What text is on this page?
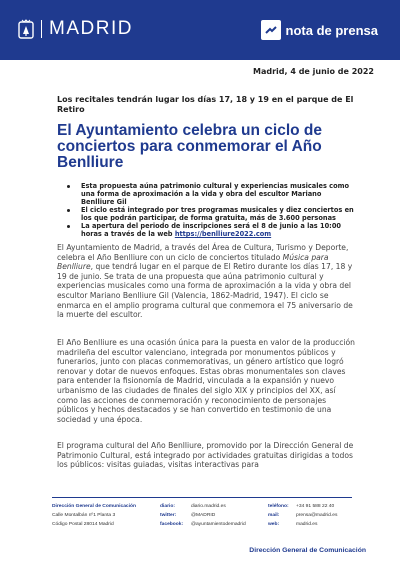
MADRID	nota de prensa
Madrid, 4 de junio de 2022
Los recitales tendrán lugar los días 17, 18 y 19 en el parque de El Retiro
El Ayuntamiento celebra un ciclo de conciertos para conmemorar el Año Benlliure
Esta propuesta aúna patrimonio cultural y experiencias musicales como una forma de aproximación a la vida y obra del escultor Mariano Benlliure Gil
El ciclo está integrado por tres programas musicales y diez conciertos en los que podrán participar, de forma gratuita, más de 3.600 personas
La apertura del periodo de inscripciones será el 8 de junio a las 10:00 horas a través de la web https://benlliure2022.com
El Ayuntamiento de Madrid, a través del Área de Cultura, Turismo y Deporte, celebra el Año Benlliure con un ciclo de conciertos titulado Música para Benlliure, que tendrá lugar en el parque de El Retiro durante los días 17, 18 y 19 de junio. Se trata de una propuesta que aúna patrimonio cultural y experiencias musicales como una forma de aproximación a la vida y obra del escultor Mariano Benlliure Gil (Valencia, 1862-Madrid, 1947). El ciclo se enmarca en el amplio programa cultural que conmemora el 75 aniversario de la muerte del escultor.
El Año Benlliure es una ocasión única para la puesta en valor de la producción madrileña del escultor valenciano, integrada por monumentos públicos y funerarios, junto con placas conmemorativas, un género artístico que logró renovar y dotar de nuevos enfoques. Estas obras monumentales son claves para entender la fisionomía de Madrid, vinculada a la expansión y nuevo urbanismo de las ciudades de finales del siglo XIX y principios del XX, así como las acciones de conmemoración y reconocimiento de personajes públicos y hechos destacados y se han convertido en testimonio de una sociedad y una época.
El programa cultural del Año Benlliure, promovido por la Dirección General de Patrimonio Cultural, está integrado por actividades gratuitas dirigidas a todos los públicos: visitas guiadas, visitas interactivas para
Dirección General de Comunicación
Calle Montalbán nº1 Planta 3
Código Postal 28014 Madrid
diario:
twitter:
facebook:
diario.madrid.es
@MADRID
@ayuntamientodemadrid
teléfono:
mail:
web:
+34 91 588 22 40
prensa@madrid.es
madrid.es
Dirección General de Comunicación
